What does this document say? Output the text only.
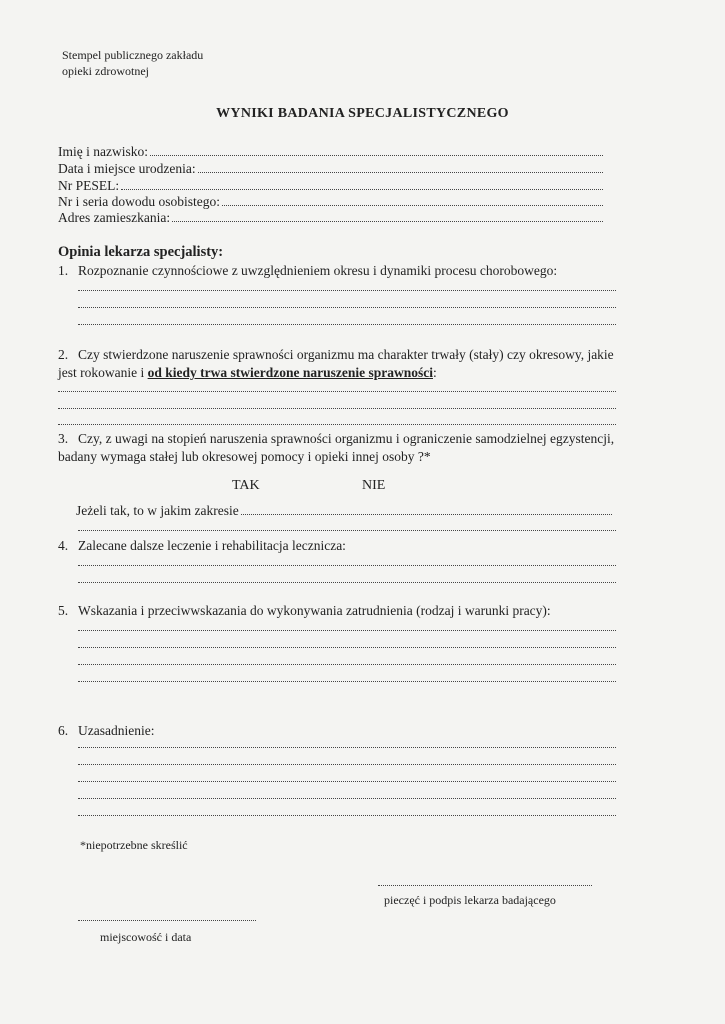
Stempel publicznego zakładu
opieki zdrowotnej
WYNIKI BADANIA SPECJALISTYCZNEGO
Imię i nazwisko:
Data i miejsce urodzenia:
Nr PESEL:
Nr i seria dowodu osobistego:
Adres zamieszkania:
Opinia lekarza specjalisty:
1. Rozpoznanie czynnościowe z uwzględnieniem okresu i dynamiki procesu chorobowego:
2. Czy stwierdzone naruszenie sprawności organizmu ma charakter trwały (stały) czy okresowy, jakie jest rokowanie i od kiedy trwa stwierdzone naruszenie sprawności:
3. Czy, z uwagi na stopień naruszenia sprawności organizmu i ograniczenie samodzielnej egzystencji, badany wymaga stałej lub okresowej pomocy i opieki innej osoby ?*
TAK	NIE
Jeżeli tak, to w jakim zakresie
4. Zalecane dalsze leczenie i rehabilitacja lecznicza:
5. Wskazania i przeciwwskazania do wykonywania zatrudnienia (rodzaj i warunki pracy):
6. Uzasadnienie:
*niepotrzebne skreślić
pieczęć i podpis lekarza badającego
miejscowość i data
